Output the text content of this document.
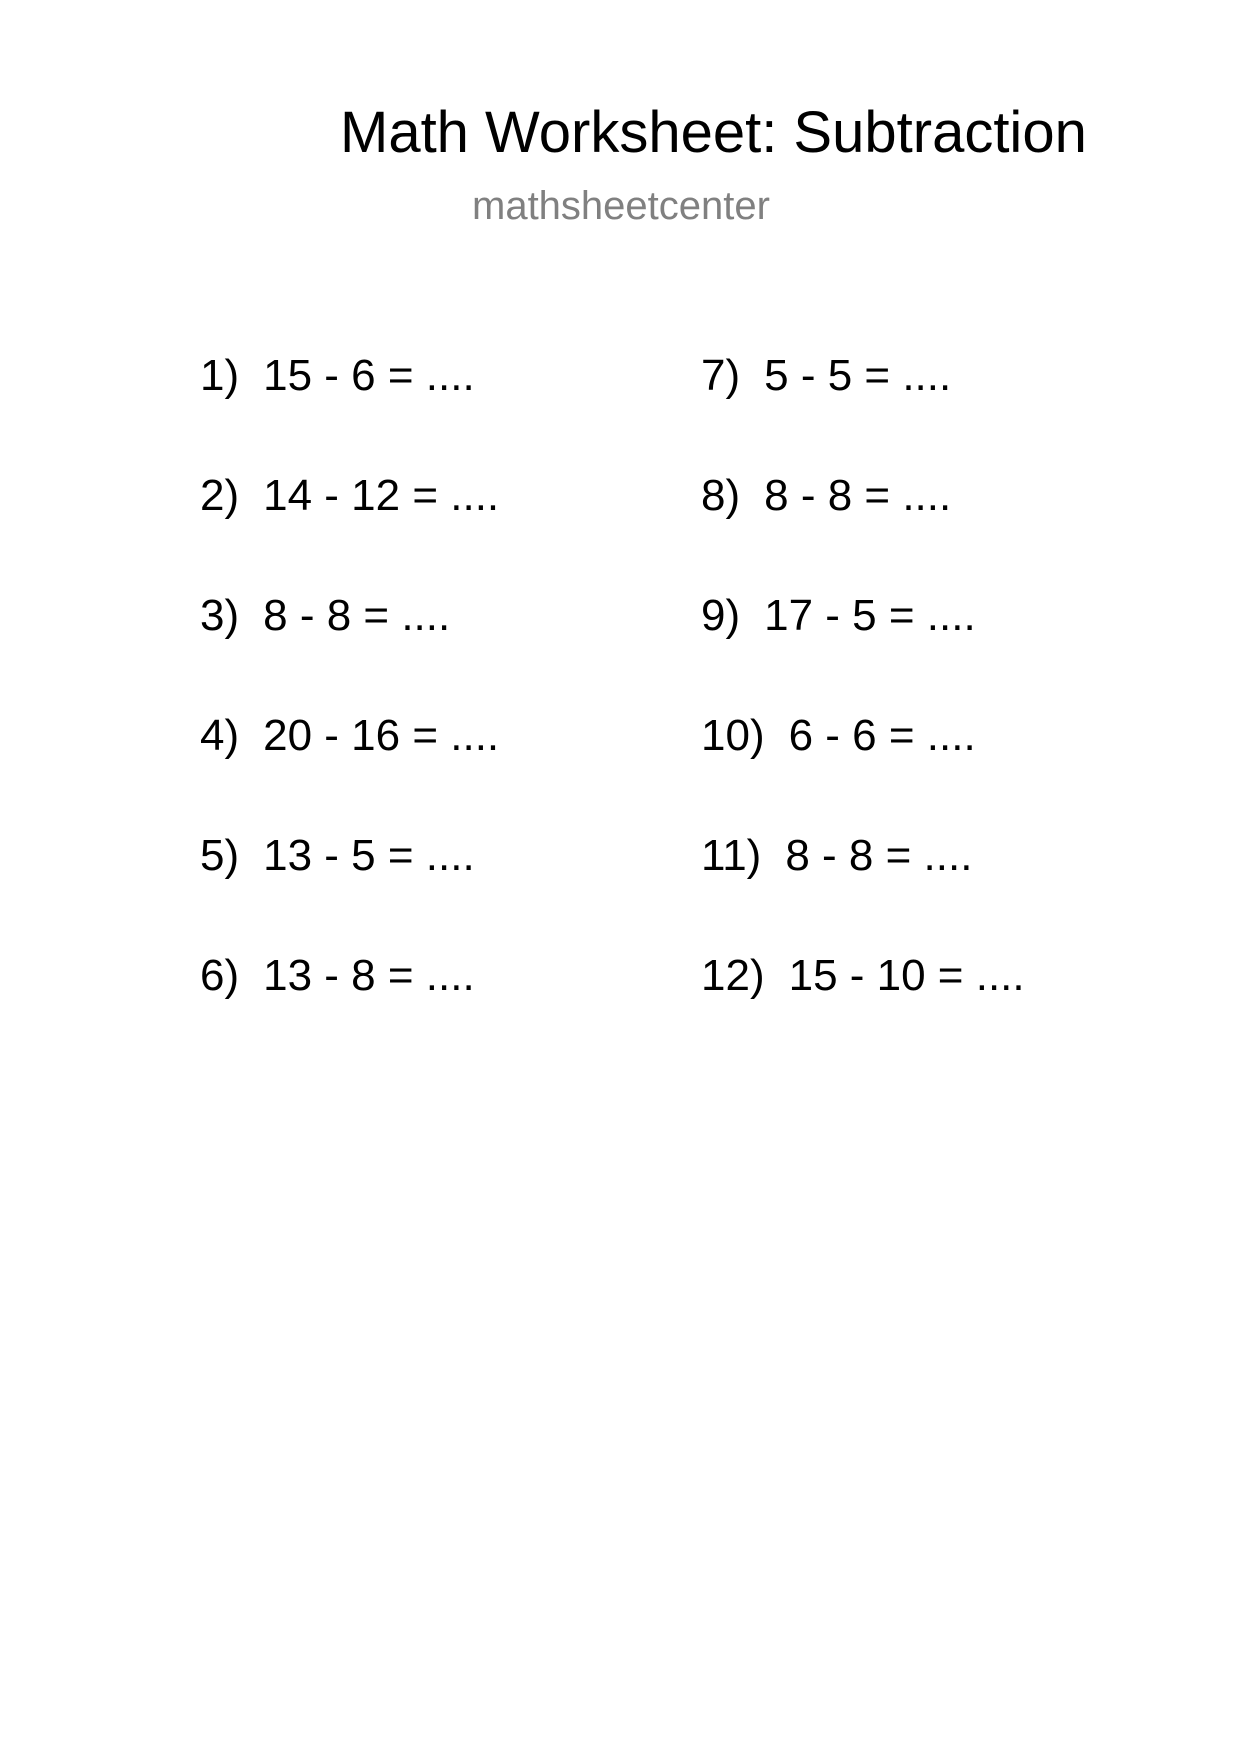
Math Worksheet: Subtraction
mathsheetcenter
1) 15 - 6 = ....
2) 14 - 12 = ....
3) 8 - 8 = ....
4) 20 - 16 = ....
5) 13 - 5 = ....
6) 13 - 8 = ....
7) 5 - 5 = ....
8) 8 - 8 = ....
9) 17 - 5 = ....
10) 6 - 6 = ....
11) 8 - 8 = ....
12) 15 - 10 = ....
